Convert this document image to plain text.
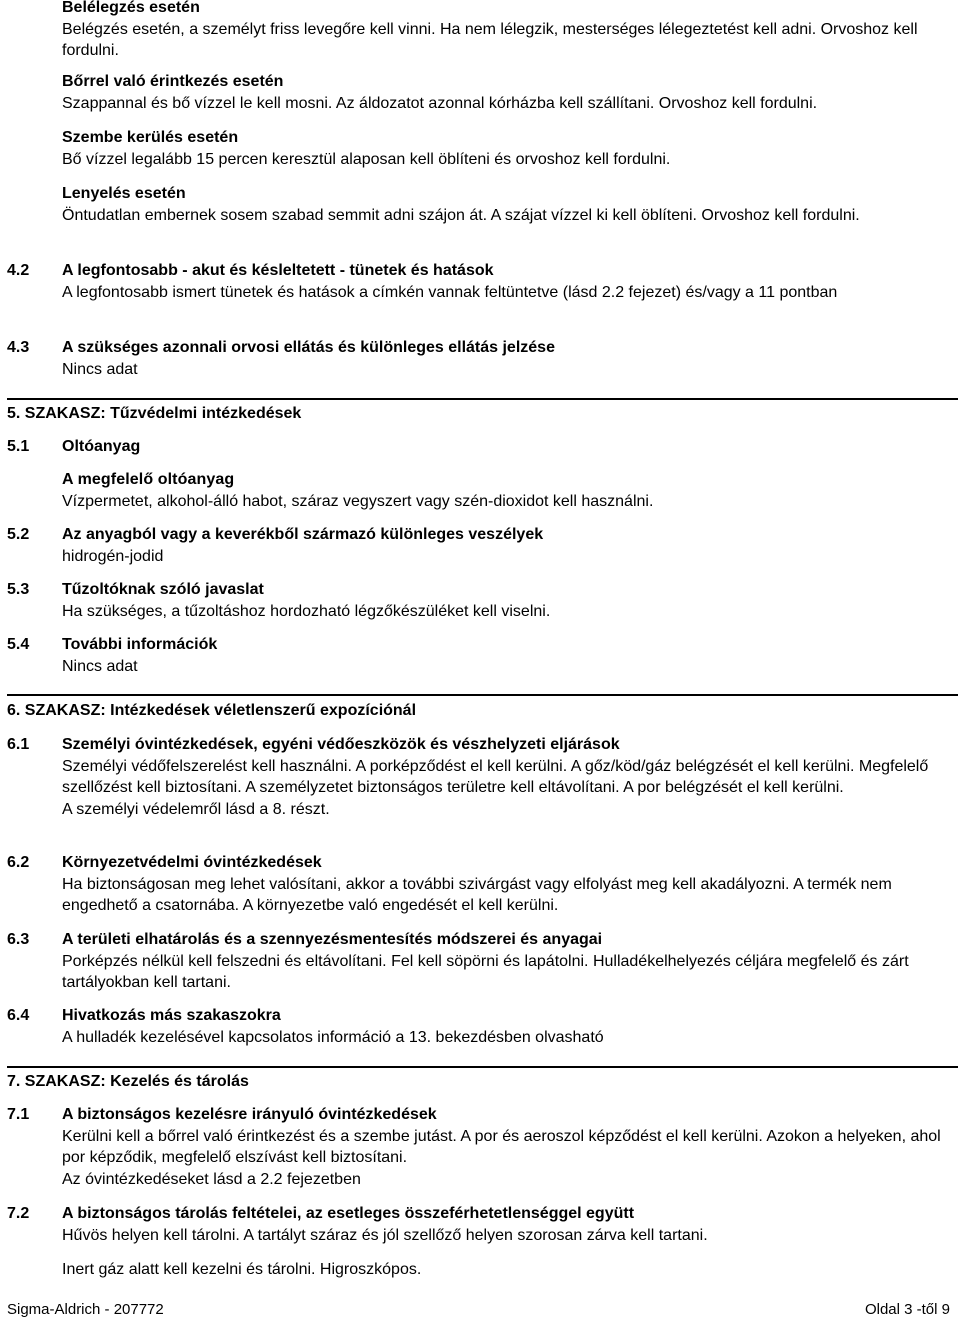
Belélegzés esetén

Belégzés esetén, a személyt friss levegőre kell vinni. Ha nem lélegzik, mesterséges lélegeztetést kell adni. Orvoshoz kell fordulni.

Bőrrel való érintkezés esetén

Szappannal és bő vízzel le kell mosni. Az áldozatot azonnal kórházba kell szállítani. Orvoshoz kell fordulni.

Szembe kerülés esetén

Bő vízzel legalább 15 percen keresztül alaposan kell öblíteni és orvoshoz kell fordulni.

Lenyelés esetén

Öntudatlan embernek sosem szabad semmit adni szájon át. A szájat vízzel ki kell öblíteni. Orvoshoz kell fordulni.

4.2 A legfontosabb - akut és késleltetett - tünetek és hatások

A legfontosabb ismert tünetek és hatások a címkén vannak feltüntetve (lásd 2.2 fejezet) és/vagy a 11 pontban

4.3 A szükséges azonnali orvosi ellátás és különleges ellátás jelzése

Nincs adat

5. SZAKASZ: Tűzvédelmi intézkedések
5.1 Oltóanyag

A megfelelő oltóanyag

Vízpermetet, alkohol-álló habot, száraz vegyszert vagy szén-dioxidot kell használni.

5.2 Az anyagból vagy a keverékből származó különleges veszélyek

hidrogén-jodid

5.3 Tűzoltóknak szóló javaslat

Ha szükséges, a tűzoltáshoz hordozható légzőkészüléket kell viselni.

5.4 További információk

Nincs adat

6. SZAKASZ: Intézkedések véletlenszerű expozíciónál
6.1 Személyi óvintézkedések, egyéni védőeszközök és vészhelyzeti eljárások

Személyi védőfelszerelést kell használni. A porképződést el kell kerülni. A gőz/köd/gáz belégzését el kell kerülni. Megfelelő szellőzést kell biztosítani. A személyzetet biztonságos területre kell eltávolítani. A por belégzését el kell kerülni.

A személyi védelemről lásd a 8. részt.

6.2 Környezetvédelmi óvintézkedések

Ha biztonságosan meg lehet valósítani, akkor a további szivárgást vagy elfolyást meg kell akadályozni. A termék nem engedhető a csatornába. A környezetbe való engedését el kell kerülni.

6.3 A területi elhatárolás és a szennyezésmentesítés módszerei és anyagai

Porképzés nélkül kell felszedni és eltávolítani. Fel kell söpörni és lapátolni. Hulladékelhelyezés céljára megfelelő és zárt tartályokban kell tartani.

6.4 Hivatkozás más szakaszokra

A hulladék kezelésével kapcsolatos információ a 13. bekezdésben olvasható

7. SZAKASZ: Kezelés és tárolás
7.1 A biztonságos kezelésre irányuló óvintézkedések

Kerülni kell a bőrrel való érintkezést és a szembe jutást. A por és aeroszol képződést el kell kerülni. Azokon a helyeken, ahol por képződik, megfelelő elszívást kell biztosítani.

Az óvintézkedéseket lásd a 2.2 fejezetben

7.2 A biztonságos tárolás feltételei, az esetleges összeférhetetlenséggel együtt

Hűvös helyen kell tárolni. A tartályt száraz és jól szellőző helyen szorosan zárva kell tartani.

Inert gáz alatt kell kezelni és tárolni. Higroszkópos.

Sigma-Aldrich - 207772	Oldal 3 -től 9
